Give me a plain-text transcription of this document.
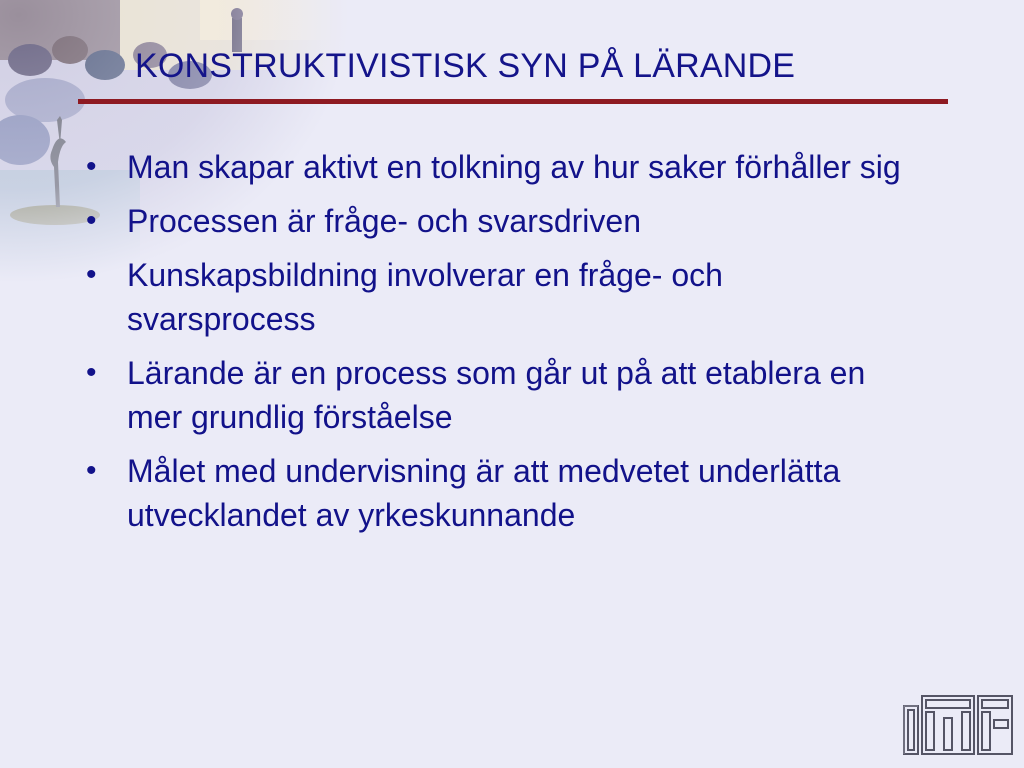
KONSTRUKTIVISTISK SYN PÅ LÄRANDE
• Man skapar aktivt en tolkning av hur saker förhåller sig
• Processen är fråge- och svarsdriven
• Kunskapsbildning involverar en fråge- och svarsprocess
• Lärande är en process som går ut på att etablera en mer grundlig förståelse
• Målet med undervisning är att medvetet underlätta utvecklandet av yrkeskunnande
